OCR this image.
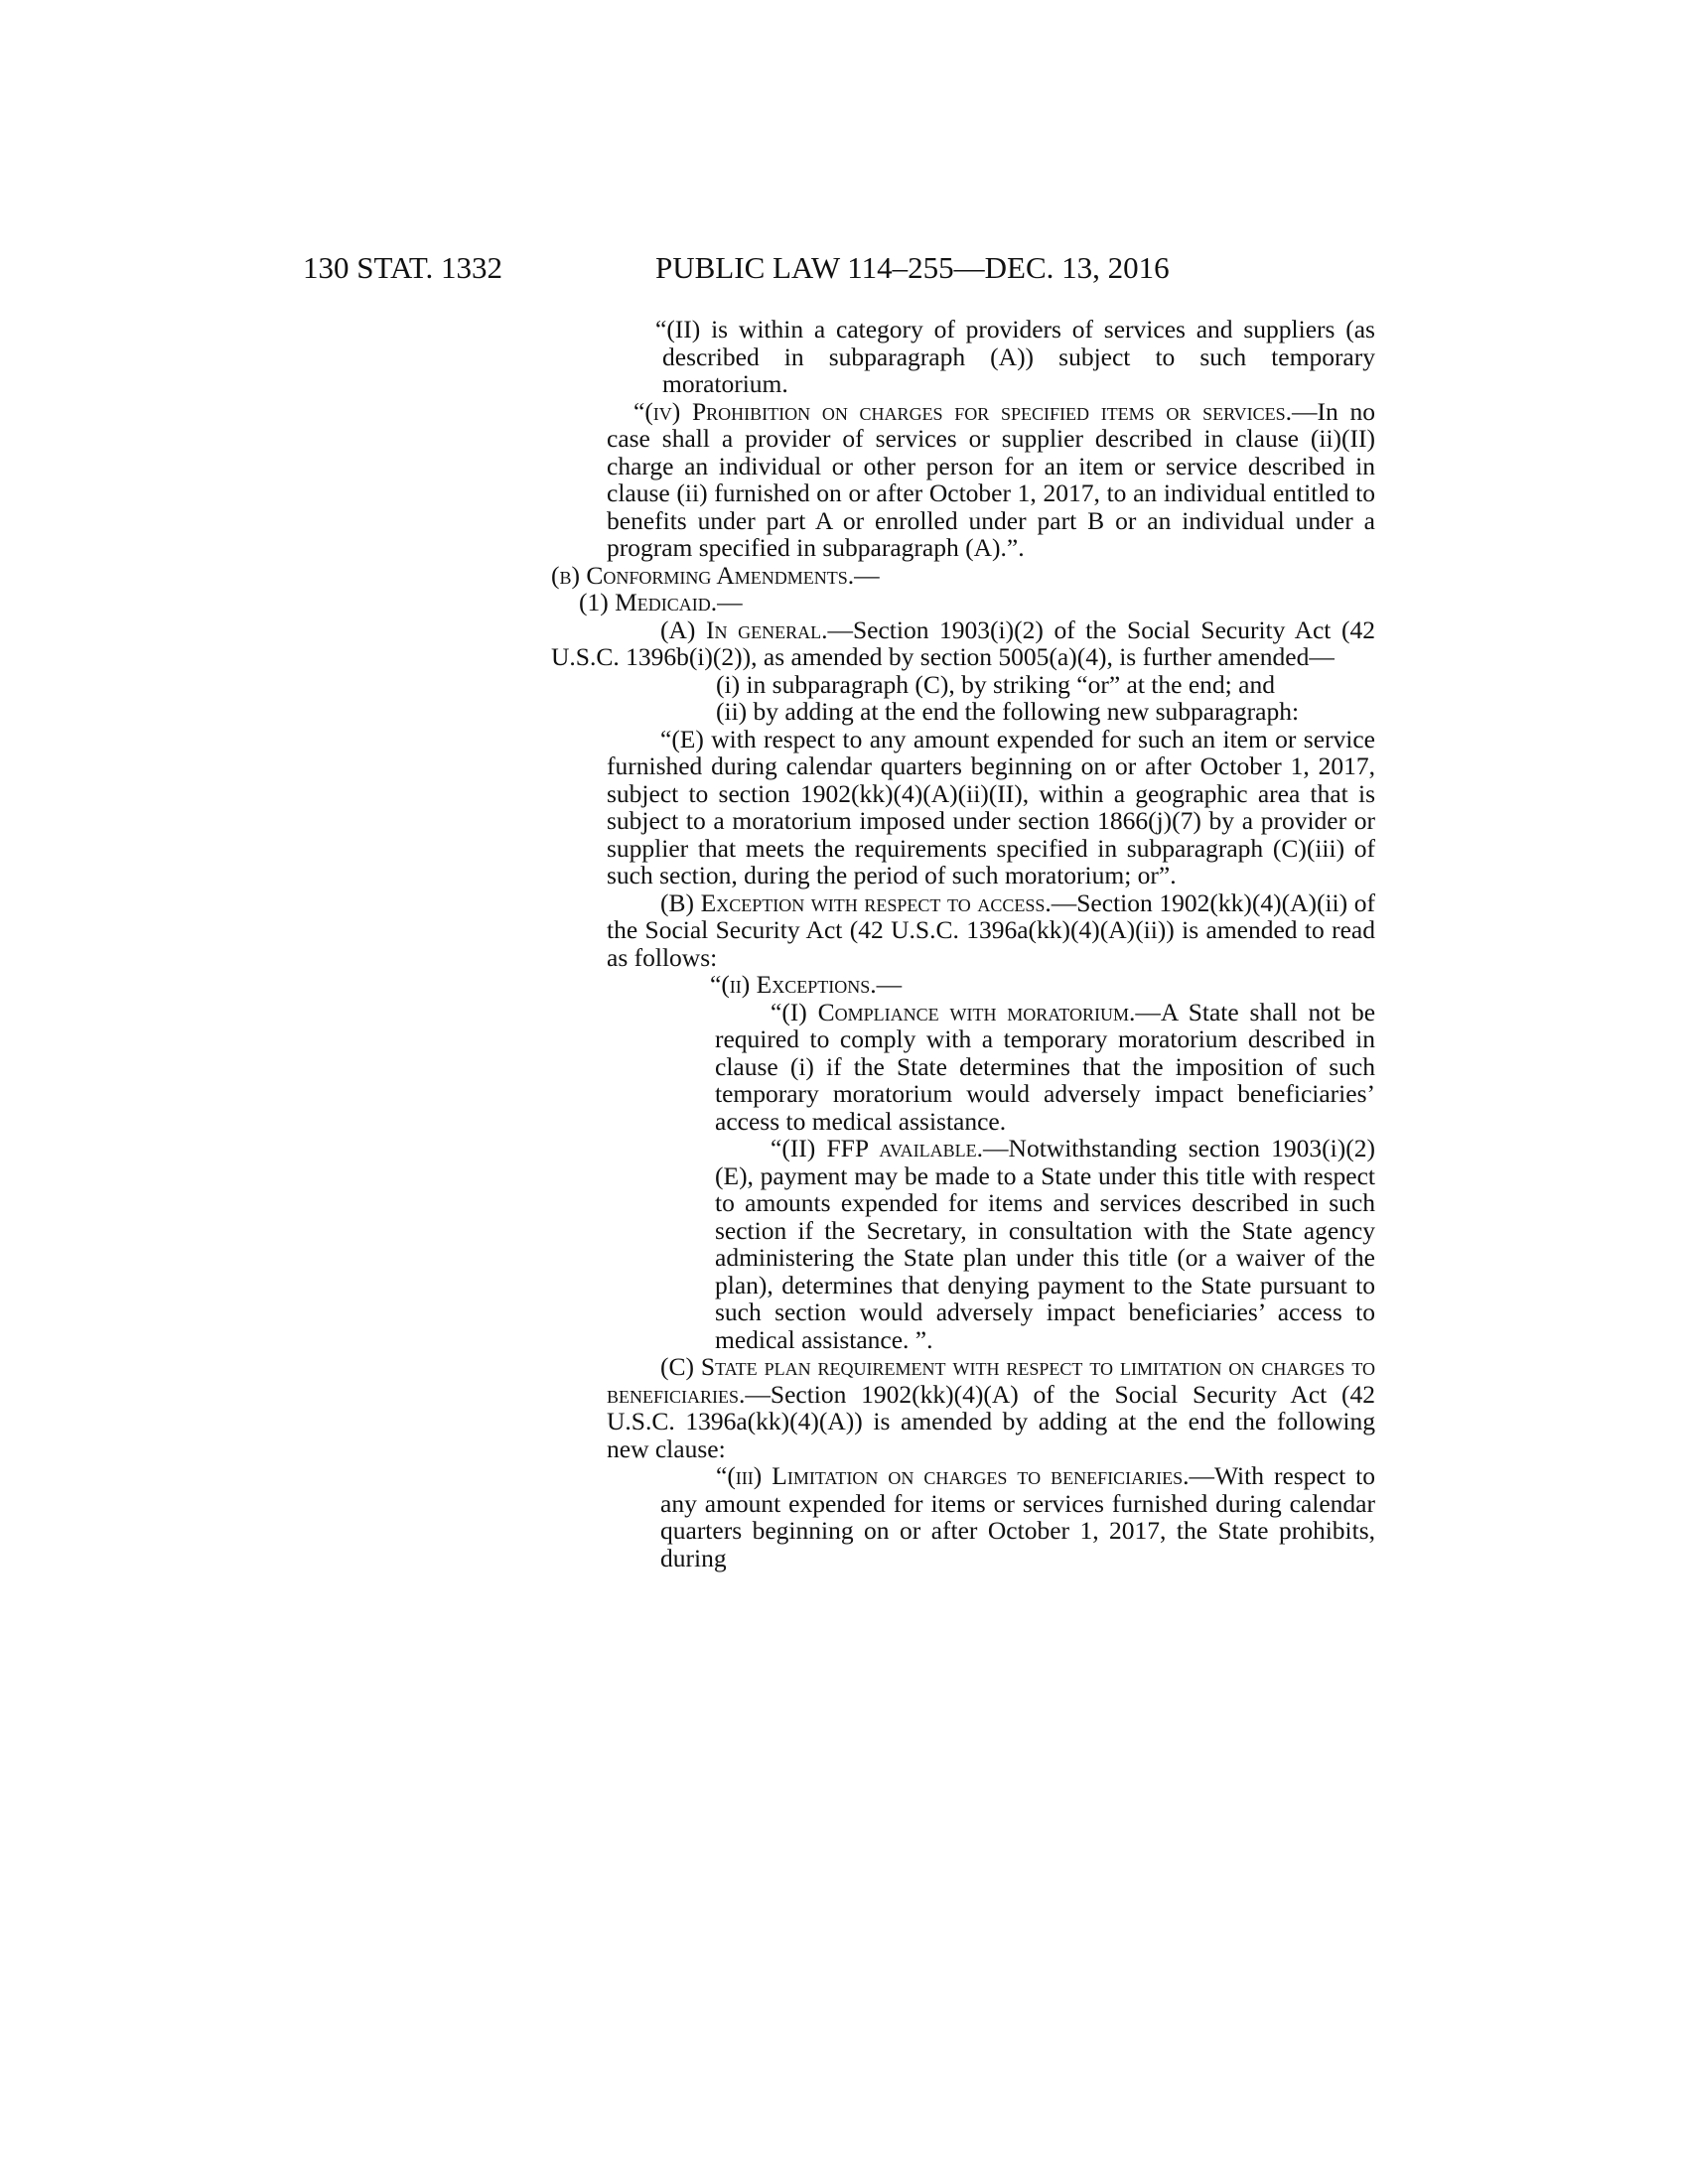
130 STAT. 1332	PUBLIC LAW 114–255—DEC. 13, 2016

“(II) is within a category of providers of services and suppliers (as described in subparagraph (A)) subject to such temporary moratorium.

“(iv) Prohibition on charges for specified items or services.—In no case shall a provider of services or supplier described in clause (ii)(II) charge an individual or other person for an item or service described in clause (ii) furnished on or after October 1, 2017, to an individual entitled to benefits under part A or enrolled under part B or an individual under a program specified in subparagraph (A).”.

(b) Conforming Amendments.—

(1) Medicaid.—

(A) In general.—Section 1903(i)(2) of the Social Security Act (42 U.S.C. 1396b(i)(2)), as amended by section 5005(a)(4), is further amended—

(i) in subparagraph (C), by striking “or” at the end; and

(ii) by adding at the end the following new subparagraph:

“(E) with respect to any amount expended for such an item or service furnished during calendar quarters beginning on or after October 1, 2017, subject to section 1902(kk)(4)(A)(ii)(II), within a geographic area that is subject to a moratorium imposed under section 1866(j)(7) by a provider or supplier that meets the requirements specified in subparagraph (C)(iii) of such section, during the period of such moratorium; or”.

(B) Exception with respect to access.—Section 1902(kk)(4)(A)(ii) of the Social Security Act (42 U.S.C. 1396a(kk)(4)(A)(ii)) is amended to read as follows:

“(ii) Exceptions.—

“(I) Compliance with moratorium.—A State shall not be required to comply with a temporary moratorium described in clause (i) if the State determines that the imposition of such temporary moratorium would adversely impact beneficiaries’ access to medical assistance.

“(II) FFP available.—Notwithstanding section 1903(i)(2)(E), payment may be made to a State under this title with respect to amounts expended for items and services described in such section if the Secretary, in consultation with the State agency administering the State plan under this title (or a waiver of the plan), determines that denying payment to the State pursuant to such section would adversely impact beneficiaries’ access to medical assistance. ”.

(C) State plan requirement with respect to limitation on charges to beneficiaries.—Section 1902(kk)(4)(A) of the Social Security Act (42 U.S.C. 1396a(kk)(4)(A)) is amended by adding at the end the following new clause:

“(iii) Limitation on charges to beneficiaries.—With respect to any amount expended for items or services furnished during calendar quarters beginning on or after October 1, 2017, the State prohibits, during
